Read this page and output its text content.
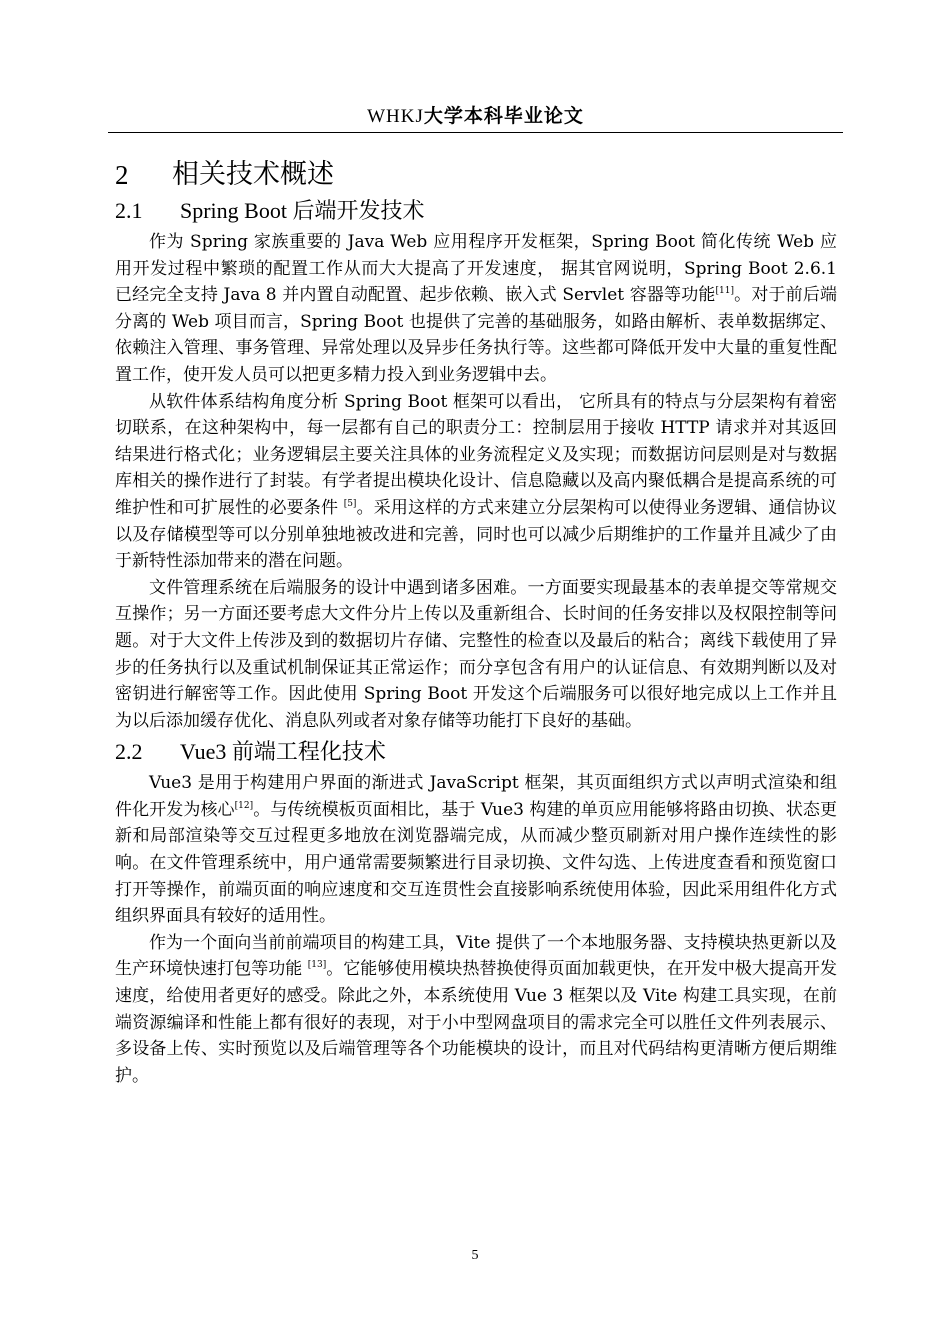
WHKJ大学本科毕业论文
2	相关技术概述
2.1	Spring Boot 后端开发技术

作为 Spring 家族重要的 Java Web 应用程序开发框架，Spring Boot 简化传统 Web 应用开发过程中繁琐的配置工作从而大大提高了开发速度， 据其官网说明，Spring Boot 2.6.1 已经完全支持 Java 8 并内置自动配置、起步依赖、嵌入式 Servlet 容器等功能[11]。对于前后端分离的 Web 项目而言，Spring Boot 也提供了完善的基础服务，如路由解析、表单数据绑定、依赖注入管理、事务管理、异常处理以及异步任务执行等。这些都可降低开发中大量的重复性配置工作，使开发人员可以把更多精力投入到业务逻辑中去。

从软件体系结构角度分析 Spring Boot 框架可以看出， 它所具有的特点与分层架构有着密切联系，在这种架构中，每一层都有自己的职责分工：控制层用于接收 HTTP 请求并对其返回结果进行格式化；业务逻辑层主要关注具体的业务流程定义及实现；而数据访问层则是对与数据库相关的操作进行了封装。有学者提出模块化设计、信息隐藏以及高内聚低耦合是提高系统的可维护性和可扩展性的必要条件 [5]。采用这样的方式来建立分层架构可以使得业务逻辑、通信协议以及存储模型等可以分别单独地被改进和完善，同时也可以减少后期维护的工作量并且减少了由于新特性添加带来的潜在问题。

文件管理系统在后端服务的设计中遇到诸多困难。一方面要实现最基本的表单提交等常规交互操作；另一方面还要考虑大文件分片上传以及重新组合、长时间的任务安排以及权限控制等问题。对于大文件上传涉及到的数据切片存储、完整性的检查以及最后的粘合；离线下载使用了异步的任务执行以及重试机制保证其正常运作；而分享包含有用户的认证信息、有效期判断以及对密钥进行解密等工作。因此使用 Spring Boot 开发这个后端服务可以很好地完成以上工作并且为以后添加缓存优化、消息队列或者对象存储等功能打下良好的基础。

2.2	Vue3 前端工程化技术

Vue3 是用于构建用户界面的渐进式 JavaScript 框架，其页面组织方式以声明式渲染和组件化开发为核心[12]。与传统模板页面相比，基于 Vue3 构建的单页应用能够将路由切换、状态更新和局部渲染等交互过程更多地放在浏览器端完成，从而减少整页刷新对用户操作连续性的影响。在文件管理系统中，用户通常需要频繁进行目录切换、文件勾选、上传进度查看和预览窗口打开等操作，前端页面的响应速度和交互连贯性会直接影响系统使用体验，因此采用组件化方式组织界面具有较好的适用性。

作为一个面向当前前端项目的构建工具，Vite 提供了一个本地服务器、支持模块热更新以及生产环境快速打包等功能 [13]。它能够使用模块热替换使得页面加载更快，在开发中极大提高开发速度，给使用者更好的感受。除此之外，本系统使用 Vue 3 框架以及 Vite 构建工具实现，在前端资源编译和性能上都有很好的表现，对于小中型网盘项目的需求完全可以胜任文件列表展示、多设备上传、实时预览以及后端管理等各个功能模块的设计，而且对代码结构更清晰方便后期维护。

5
